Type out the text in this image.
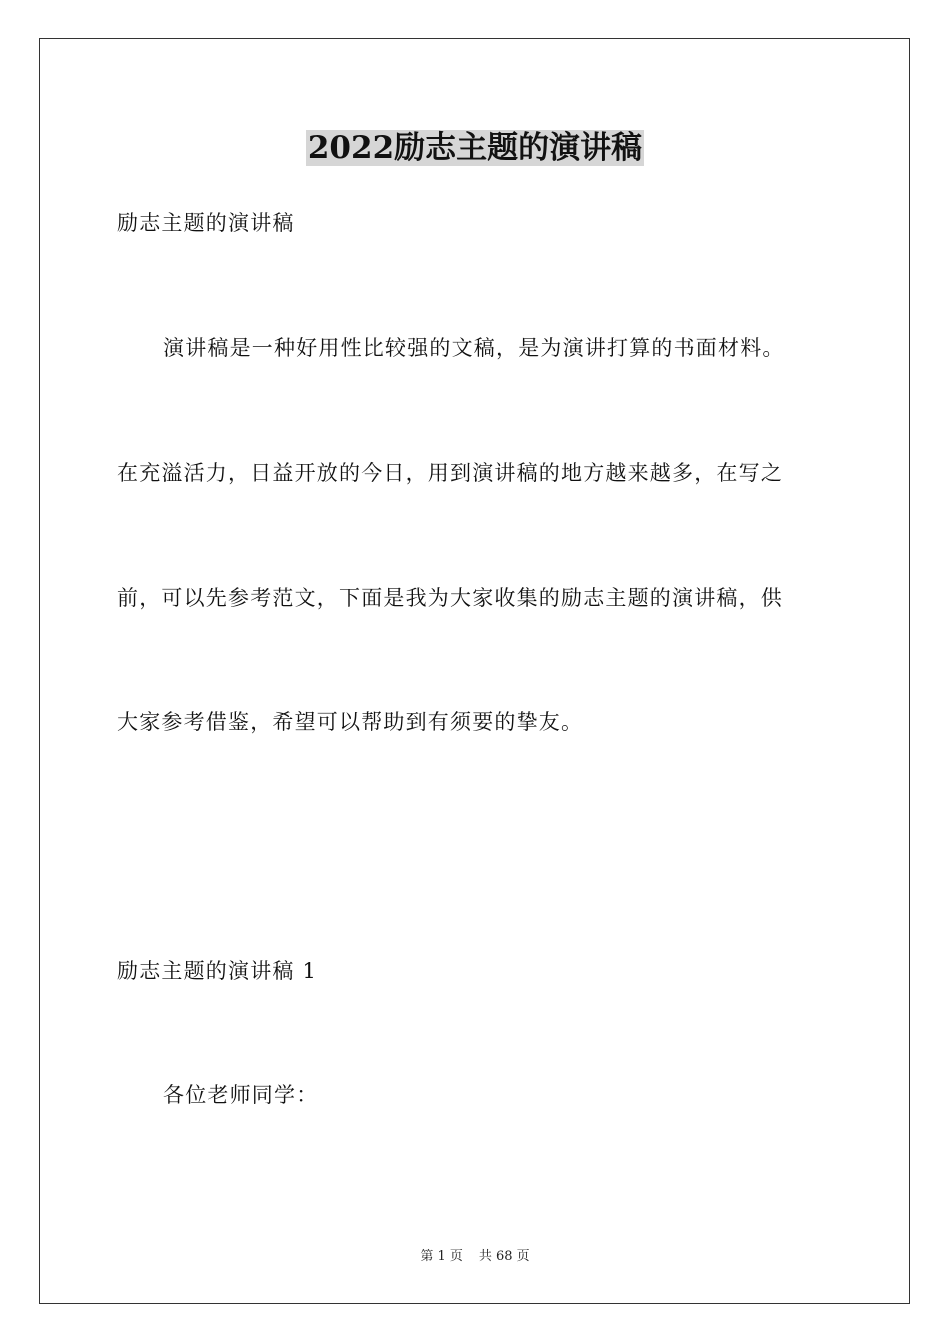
2022励志主题的演讲稿

励志主题的演讲稿

演讲稿是一种好用性比较强的文稿，是为演讲打算的书面材料。

在充溢活力，日益开放的今日，用到演讲稿的地方越来越多，在写之

前，可以先参考范文，下面是我为大家收集的励志主题的演讲稿，供

大家参考借鉴，希望可以帮助到有须要的挚友。

励志主题的演讲稿 1

各位老师同学：

第 1 页 共 68 页
